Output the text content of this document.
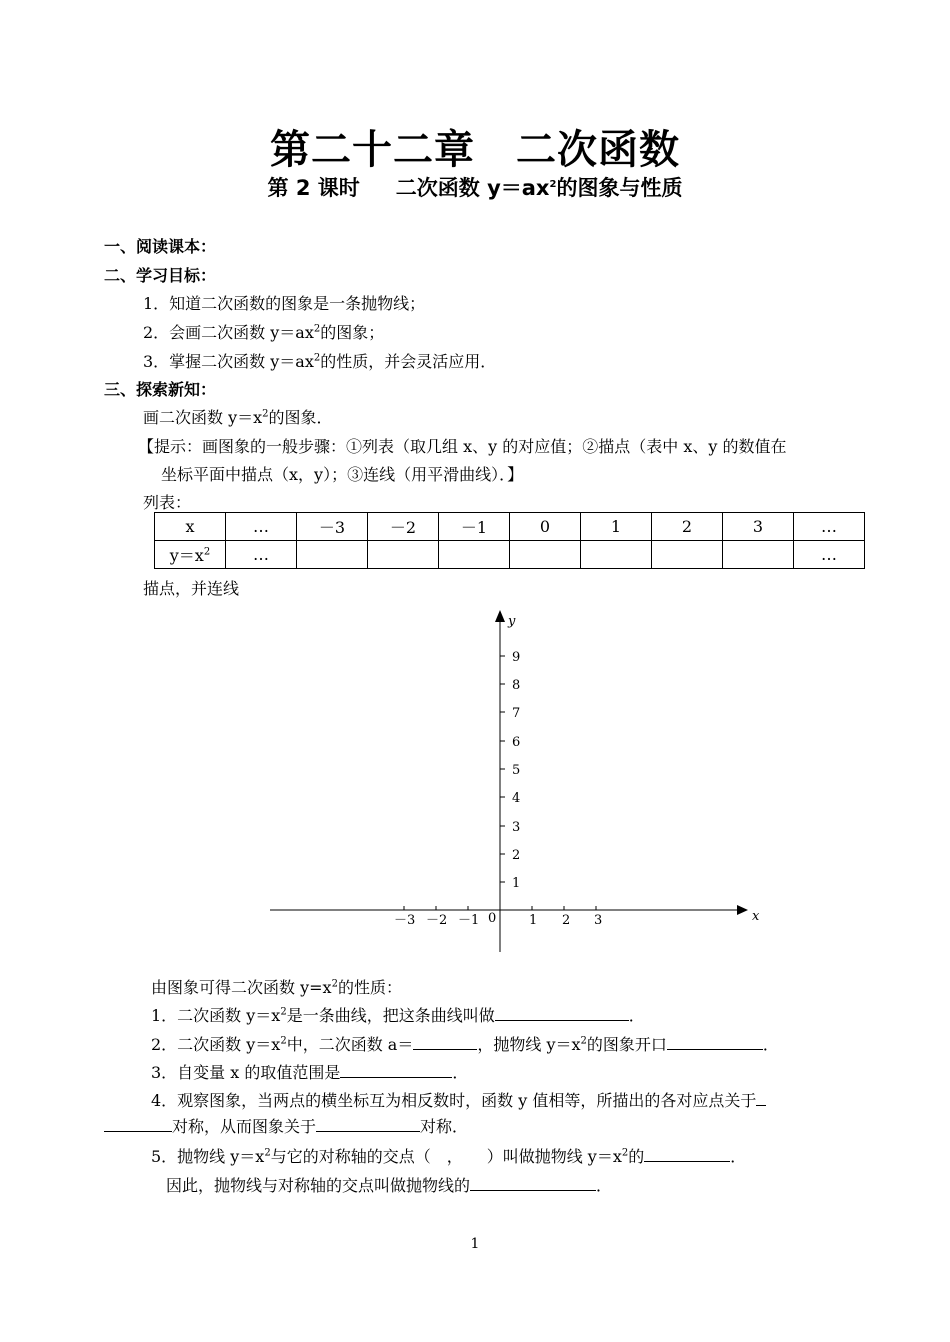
第二十二章　二次函数
第 2 课时 二次函数 $y=ax^2$的图象与性质
一、阅读课本：
二、学习目标：
1．知道二次函数的图象是一条抛物线；
2．会画二次函数 $y=ax^2$的图象；
3．掌握二次函数 $y=ax^2$的性质，并会灵活应用．
三、探索新知：
画二次函数 $y=x^2$的图象．
【提示：画图象的一般步骤：①列表（取几组 x、y 的对应值；②描点（表中 x、y 的数值在
坐标平面中描点（x，y）；③连线（用平滑曲线）．】
列表：
x	…	－3	－2	－1	0	1	2	3	…
$y=x^2$	…								…
描点，并连线
x
y
0
－3 －2 －1	1 2 3
1
2
3
4
5
6
7
8
9
由图象可得二次函数 $y=x^2$的性质：
1．二次函数 $y=x^2$是一条曲线，把这条曲线叫做	．
2．二次函数 $y=x^2$中，二次函数 a＝	，抛物线 $y=x^2$的图象开口	．
3．自变量 x 的取值范围是	．
4．观察图象，当两点的横坐标互为相反数时，函数 y 值相等，所描出的各对应点关于
对称，从而图象关于	对称．
5．抛物线 $y=x^2$与它的对称轴的交点（　，　　）叫做抛物线 $y=x^2$的	．
因此，抛物线与对称轴的交点叫做抛物线的	．
1
